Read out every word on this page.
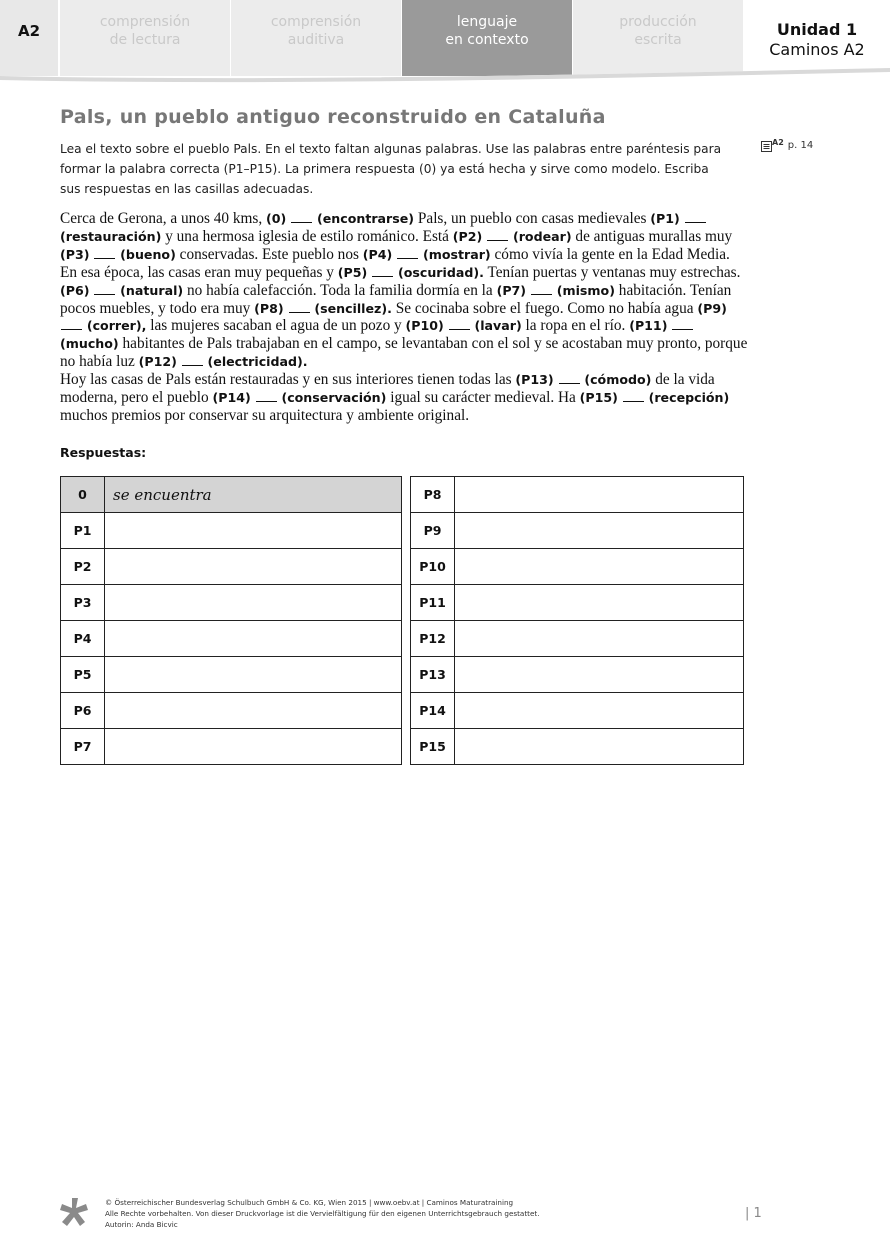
A2	comprensión
de lectura
comprensión
auditiva
lenguaje
en contexto
producción
escrita
Unidad 1
Caminos A2
Pals, un pueblo antiguo reconstruido en Cataluña
Lea el texto sobre el pueblo Pals. En el texto faltan algunas palabras. Use las palabras entre paréntesis para formar la palabra correcta (P1–P15). La primera respuesta (0) ya está hecha y sirve como modelo. Escriba sus respuestas en las casillas adecuadas.
A2 p. 14
Cerca de Gerona, a unos 40 kms, (0) (encontrarse) Pals, un pueblo con casas medievales (P1)  (restauración) y una hermosa iglesia de estilo románico. Está (P2) (rodear) de antiguas murallas muy (P3) (bueno) conservadas. Este pueblo nos (P4) (mostrar) cómo vivía la gente en la Edad Media. En esa época, las casas eran muy pequeñas y (P5) (oscuridad). Tenían puertas y ventanas muy estrechas. (P6) (natural) no había calefacción. Toda la familia dormía en la (P7) (mismo) habitación. Tenían pocos muebles, y todo era muy (P8) (sencillez). Se cocinaba sobre el fuego. Como no había agua (P9)  (correr), las mujeres sacaban el agua de un pozo y (P10) (lavar) la ropa en el río. (P11)  (mucho) habitantes de Pals trabajaban en el campo, se levantaban con el sol y se acostaban muy pronto, porque no había luz (P12) (electricidad).
Hoy las casas de Pals están restauradas y en sus interiores tienen todas las (P13) (cómodo) de la vida moderna, pero el pueblo (P14) (conservación) igual su carácter medieval. Ha (P15) (recepción) muchos premios por conservar su arquitectura y ambiente original.
Respuestas:
0	se encuentra
P1	
P2	
P3	
P4	
P5	
P6	
P7	
P8	
P9	
P10	
P11	
P12	
P13	
P14	
P15	
© Österreichischer Bundesverlag Schulbuch GmbH & Co. KG, Wien 2015 | www.oebv.at | Caminos Maturatraining
Alle Rechte vorbehalten. Von dieser Druckvorlage ist die Vervielfältigung für den eigenen Unterrichtsgebrauch gestattet.
Autorin: Anda Bicvic
| 1
